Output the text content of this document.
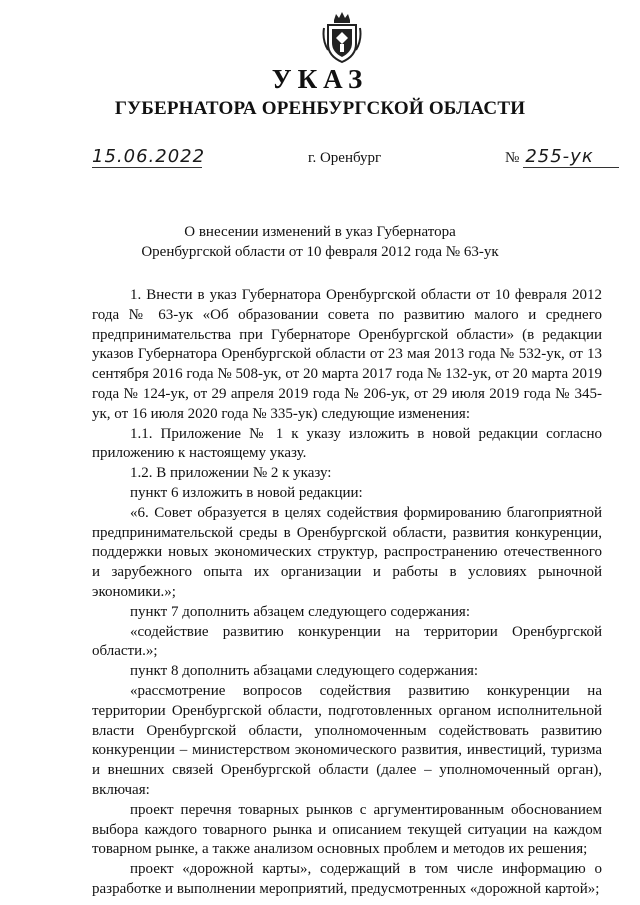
УКАЗ
ГУБЕРНАТОРА ОРЕНБУРГСКОЙ ОБЛАСТИ
15.06.2022	г. Оренбург	№ 255-ук
О внесении изменений в указ Губернатора
Оренбургской области от 10 февраля 2012 года № 63-ук

1. Внести в указ Губернатора Оренбургской области от 10 февраля 2012 года № 63-ук «Об образовании совета по развитию малого и среднего предпринимательства при Губернаторе Оренбургской области» (в редакции указов Губернатора Оренбургской области от 23 мая 2013 года № 532-ук, от 13 сентября 2016 года № 508-ук, от 20 марта 2017 года № 132-ук, от 20 марта 2019 года № 124-ук, от 29 апреля 2019 года № 206-ук, от 29 июля 2019 года № 345-ук, от 16 июля 2020 года № 335-ук) следующие изменения:

1.1. Приложение № 1 к указу изложить в новой редакции согласно приложению к настоящему указу.

1.2. В приложении № 2 к указу:

пункт 6 изложить в новой редакции:

«6. Совет образуется в целях содействия формированию благоприятной предпринимательской среды в Оренбургской области, развития конкуренции, поддержки новых экономических структур, распространению отечественного и зарубежного опыта их организации и работы в условиях рыночной экономики.»;

пункт 7 дополнить абзацем следующего содержания:

«содействие развитию конкуренции на территории Оренбургской области.»;

пункт 8 дополнить абзацами следующего содержания:

«рассмотрение вопросов содействия развитию конкуренции на территории Оренбургской области, подготовленных органом исполнительной власти Оренбургской области, уполномоченным содействовать развитию конкуренции – министерством экономического развития, инвестиций, туризма и внешних связей Оренбургской области (далее – уполномоченный орган), включая:

проект перечня товарных рынков с аргументированным обоснованием выбора каждого товарного рынка и описанием текущей ситуации на каждом товарном рынке, а также анализом основных проблем и методов их решения;

проект «дорожной карты», содержащий в том числе информацию о разработке и выполнении мероприятий, предусмотренных «дорожной картой»;
